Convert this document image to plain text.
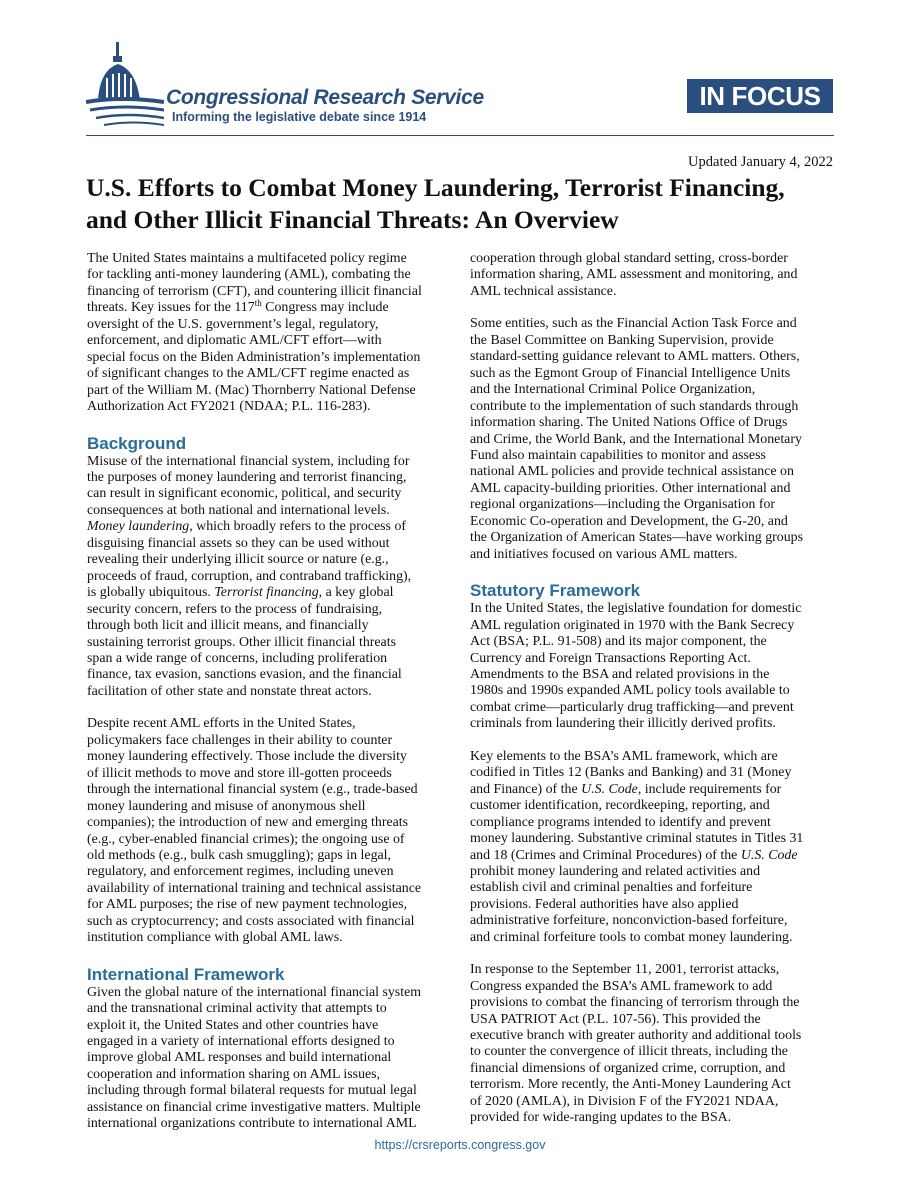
Congressional Research Service
Informing the legislative debate since 1914
IN FOCUS
Updated January 4, 2022
U.S. Efforts to Combat Money Laundering, Terrorist Financing,
and Other Illicit Financial Threats: An Overview

The United States maintains a multifaceted policy regime
for tackling anti-money laundering (AML), combating the
financing of terrorism (CFT), and countering illicit financial
threats. Key issues for the 117th Congress may include
oversight of the U.S. government’s legal, regulatory,
enforcement, and diplomatic AML/CFT effort—with
special focus on the Biden Administration’s implementation
of significant changes to the AML/CFT regime enacted as
part of the William M. (Mac) Thornberry National Defense
Authorization Act FY2021 (NDAA; P.L. 116-283).

Background

Misuse of the international financial system, including for
the purposes of money laundering and terrorist financing,
can result in significant economic, political, and security
consequences at both national and international levels.
Money laundering, which broadly refers to the process of
disguising financial assets so they can be used without
revealing their underlying illicit source or nature (e.g.,
proceeds of fraud, corruption, and contraband trafficking),
is globally ubiquitous. Terrorist financing, a key global
security concern, refers to the process of fundraising,
through both licit and illicit means, and financially
sustaining terrorist groups. Other illicit financial threats
span a wide range of concerns, including proliferation
finance, tax evasion, sanctions evasion, and the financial
facilitation of other state and nonstate threat actors.

Despite recent AML efforts in the United States,
policymakers face challenges in their ability to counter
money laundering effectively. Those include the diversity
of illicit methods to move and store ill-gotten proceeds
through the international financial system (e.g., trade-based
money laundering and misuse of anonymous shell
companies); the introduction of new and emerging threats
(e.g., cyber-enabled financial crimes); the ongoing use of
old methods (e.g., bulk cash smuggling); gaps in legal,
regulatory, and enforcement regimes, including uneven
availability of international training and technical assistance
for AML purposes; the rise of new payment technologies,
such as cryptocurrency; and costs associated with financial
institution compliance with global AML laws.

International Framework

Given the global nature of the international financial system
and the transnational criminal activity that attempts to
exploit it, the United States and other countries have
engaged in a variety of international efforts designed to
improve global AML responses and build international
cooperation and information sharing on AML issues,
including through formal bilateral requests for mutual legal
assistance on financial crime investigative matters. Multiple
international organizations contribute to international AML

cooperation through global standard setting, cross-border
information sharing, AML assessment and monitoring, and
AML technical assistance.

Some entities, such as the Financial Action Task Force and
the Basel Committee on Banking Supervision, provide
standard-setting guidance relevant to AML matters. Others,
such as the Egmont Group of Financial Intelligence Units
and the International Criminal Police Organization,
contribute to the implementation of such standards through
information sharing. The United Nations Office of Drugs
and Crime, the World Bank, and the International Monetary
Fund also maintain capabilities to monitor and assess
national AML policies and provide technical assistance on
AML capacity-building priorities. Other international and
regional organizations—including the Organisation for
Economic Co-operation and Development, the G-20, and
the Organization of American States—have working groups
and initiatives focused on various AML matters.

Statutory Framework

In the United States, the legislative foundation for domestic
AML regulation originated in 1970 with the Bank Secrecy
Act (BSA; P.L. 91-508) and its major component, the
Currency and Foreign Transactions Reporting Act.
Amendments to the BSA and related provisions in the
1980s and 1990s expanded AML policy tools available to
combat crime—particularly drug trafficking—and prevent
criminals from laundering their illicitly derived profits.

Key elements to the BSA’s AML framework, which are
codified in Titles 12 (Banks and Banking) and 31 (Money
and Finance) of the U.S. Code, include requirements for
customer identification, recordkeeping, reporting, and
compliance programs intended to identify and prevent
money laundering. Substantive criminal statutes in Titles 31
and 18 (Crimes and Criminal Procedures) of the U.S. Code
prohibit money laundering and related activities and
establish civil and criminal penalties and forfeiture
provisions. Federal authorities have also applied
administrative forfeiture, nonconviction-based forfeiture,
and criminal forfeiture tools to combat money laundering.

In response to the September 11, 2001, terrorist attacks,
Congress expanded the BSA’s AML framework to add
provisions to combat the financing of terrorism through the
USA PATRIOT Act (P.L. 107-56). This provided the
executive branch with greater authority and additional tools
to counter the convergence of illicit threats, including the
financial dimensions of organized crime, corruption, and
terrorism. More recently, the Anti-Money Laundering Act
of 2020 (AMLA), in Division F of the FY2021 NDAA,
provided for wide-ranging updates to the BSA.

https://crsreports.congress.gov
